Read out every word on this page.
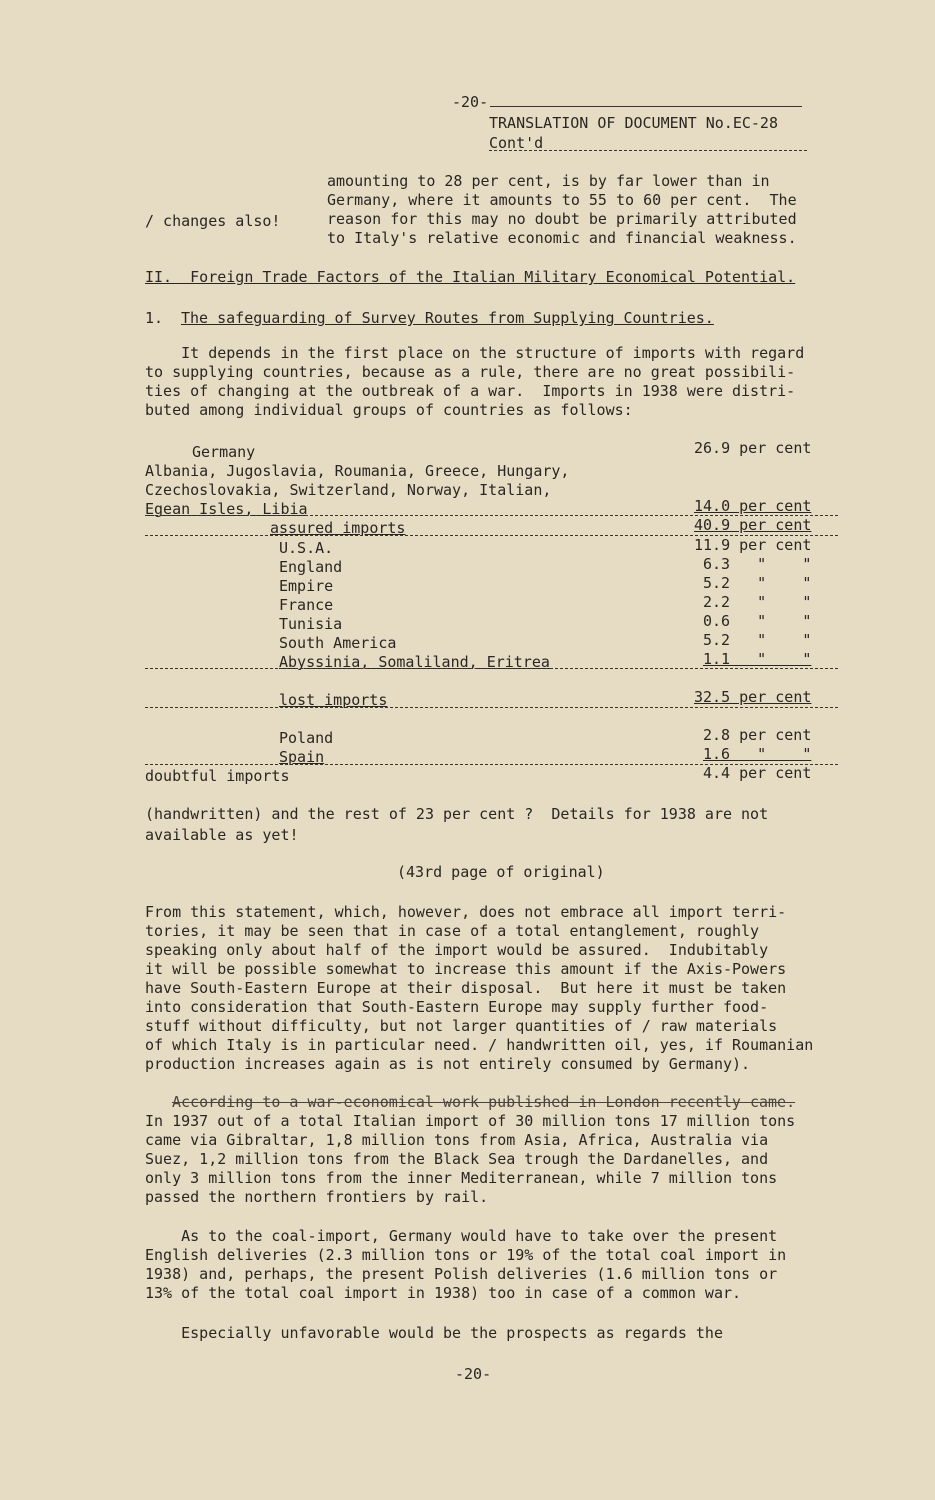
-20-
TRANSLATION OF DOCUMENT No.EC-28
Cont'd
/ changes also!
amounting to 28 per cent, is by far lower than in
Germany, where it amounts to 55 to 60 per cent.  The
reason for this may no doubt be primarily attributed
to Italy's relative economic and financial weakness.
II.  Foreign Trade Factors of the Italian Military Economical Potential.
1. The safeguarding of Survey Routes from Supplying Countries.
It depends in the first place on the structure of imports with regard
to supplying countries, because as a rule, there are no great possibili-
ties of changing at the outbreak of a war.  Imports in 1938 were distri-
buted among individual groups of countries as follows:
Germany	26.9 per cent
Albania, Jugoslavia, Roumania, Greece, Hungary,
Czechoslovakia, Switzerland, Norway, Italian,
Egean Isles, Libia	14.0 per cent
assured imports	40.9 per cent
U.S.A.	11.9 per cent
England	6.3   "    "
Empire	5.2   "    "
France	2.2   "    "
Tunisia	0.6   "    "
South America	5.2   "    "
Abyssinia, Somaliland, Eritrea	1.1   "    "
lost imports	32.5 per cent
Poland	2.8 per cent
Spain	1.6   "    "
doubtful imports	4.4 per cent
(handwritten) and the rest of 23 per cent ?  Details for 1938 are not
available as yet!
(43rd page of original)
From this statement, which, however, does not embrace all import terri-
tories, it may be seen that in case of a total entanglement, roughly
speaking only about half of the import would be assured.  Indubitably
it will be possible somewhat to increase this amount if the Axis-Powers
have South-Eastern Europe at their disposal.  But here it must be taken
into consideration that South-Eastern Europe may supply further food-
stuff without difficulty, but not larger quantities of / raw materials
of which Italy is in particular need. / handwritten oil, yes, if Roumanian
production increases again as is not entirely consumed by Germany).
According to a war-economical work published in London recently came.
In 1937 out of a total Italian import of 30 million tons 17 million tons
came via Gibraltar, 1,8 million tons from Asia, Africa, Australia via
Suez, 1,2 million tons from the Black Sea trough the Dardanelles, and
only 3 million tons from the inner Mediterranean, while 7 million tons
passed the northern frontiers by rail.
As to the coal-import, Germany would have to take over the present
English deliveries (2.3 million tons or 19% of the total coal import in
1938) and, perhaps, the present Polish deliveries (1.6 million tons or
13% of the total coal import in 1938) too in case of a common war.
Especially unfavorable would be the prospects as regards the
-20-
